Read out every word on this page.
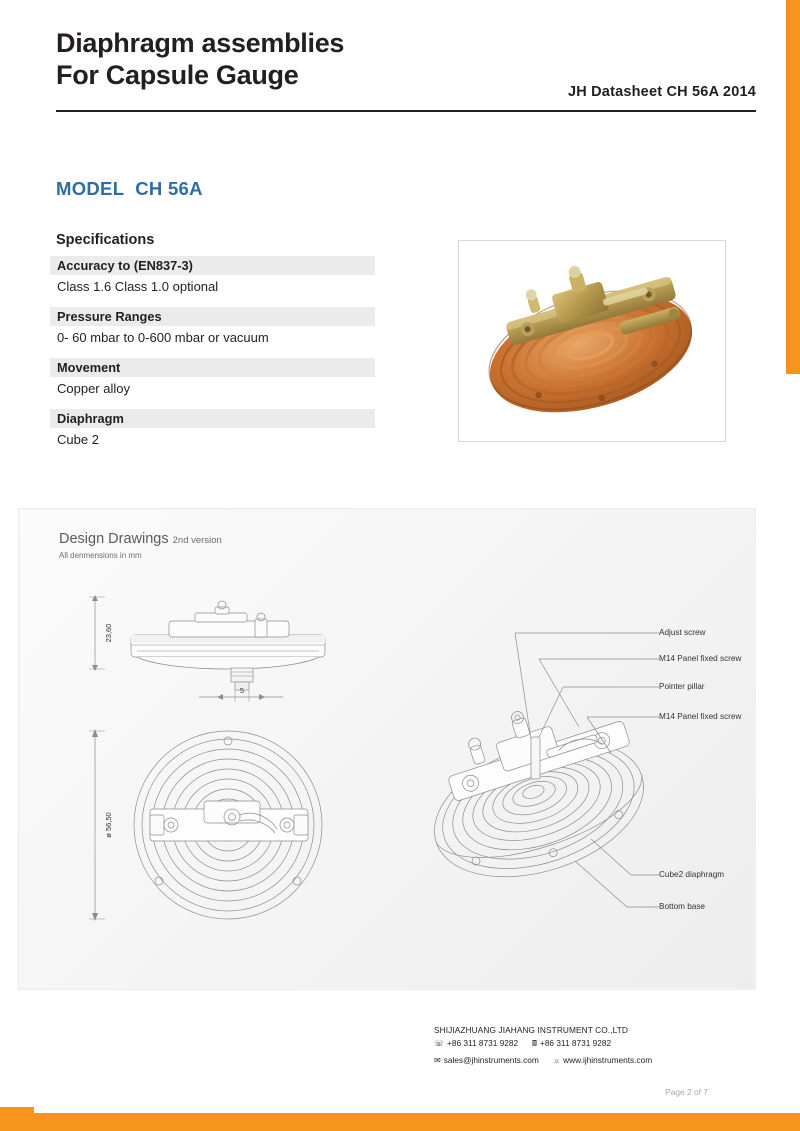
Diaphragm assemblies
For Capsule Gauge
JH Datasheet CH 56A 2014
MODEL CH 56A
Specifications
Accuracy to (EN837-3)
Class 1.6 Class 1.0 optional
Pressure Ranges
0- 60 mbar to 0-600 mbar or vacuum
Movement
Copper alloy
Diaphragm
Cube 2
Design Drawings 2nd version
All denmensions in mm
23,60
5
ø 56,50
Adjust screw
M14 Panel fixed screw
Pointer pillar
M14 Panel fixed screw
Cube2 diaphragm
Bottom base
SHIJIAZHUANG JIAHANG INSTRUMENT CO.,LTD
☏ +86 311 8731 9282 🖩 +86 311 8731 9282
✉ sales@jhinstruments.com ☼ www.ijhinstruments.com
Page 2 of 7
